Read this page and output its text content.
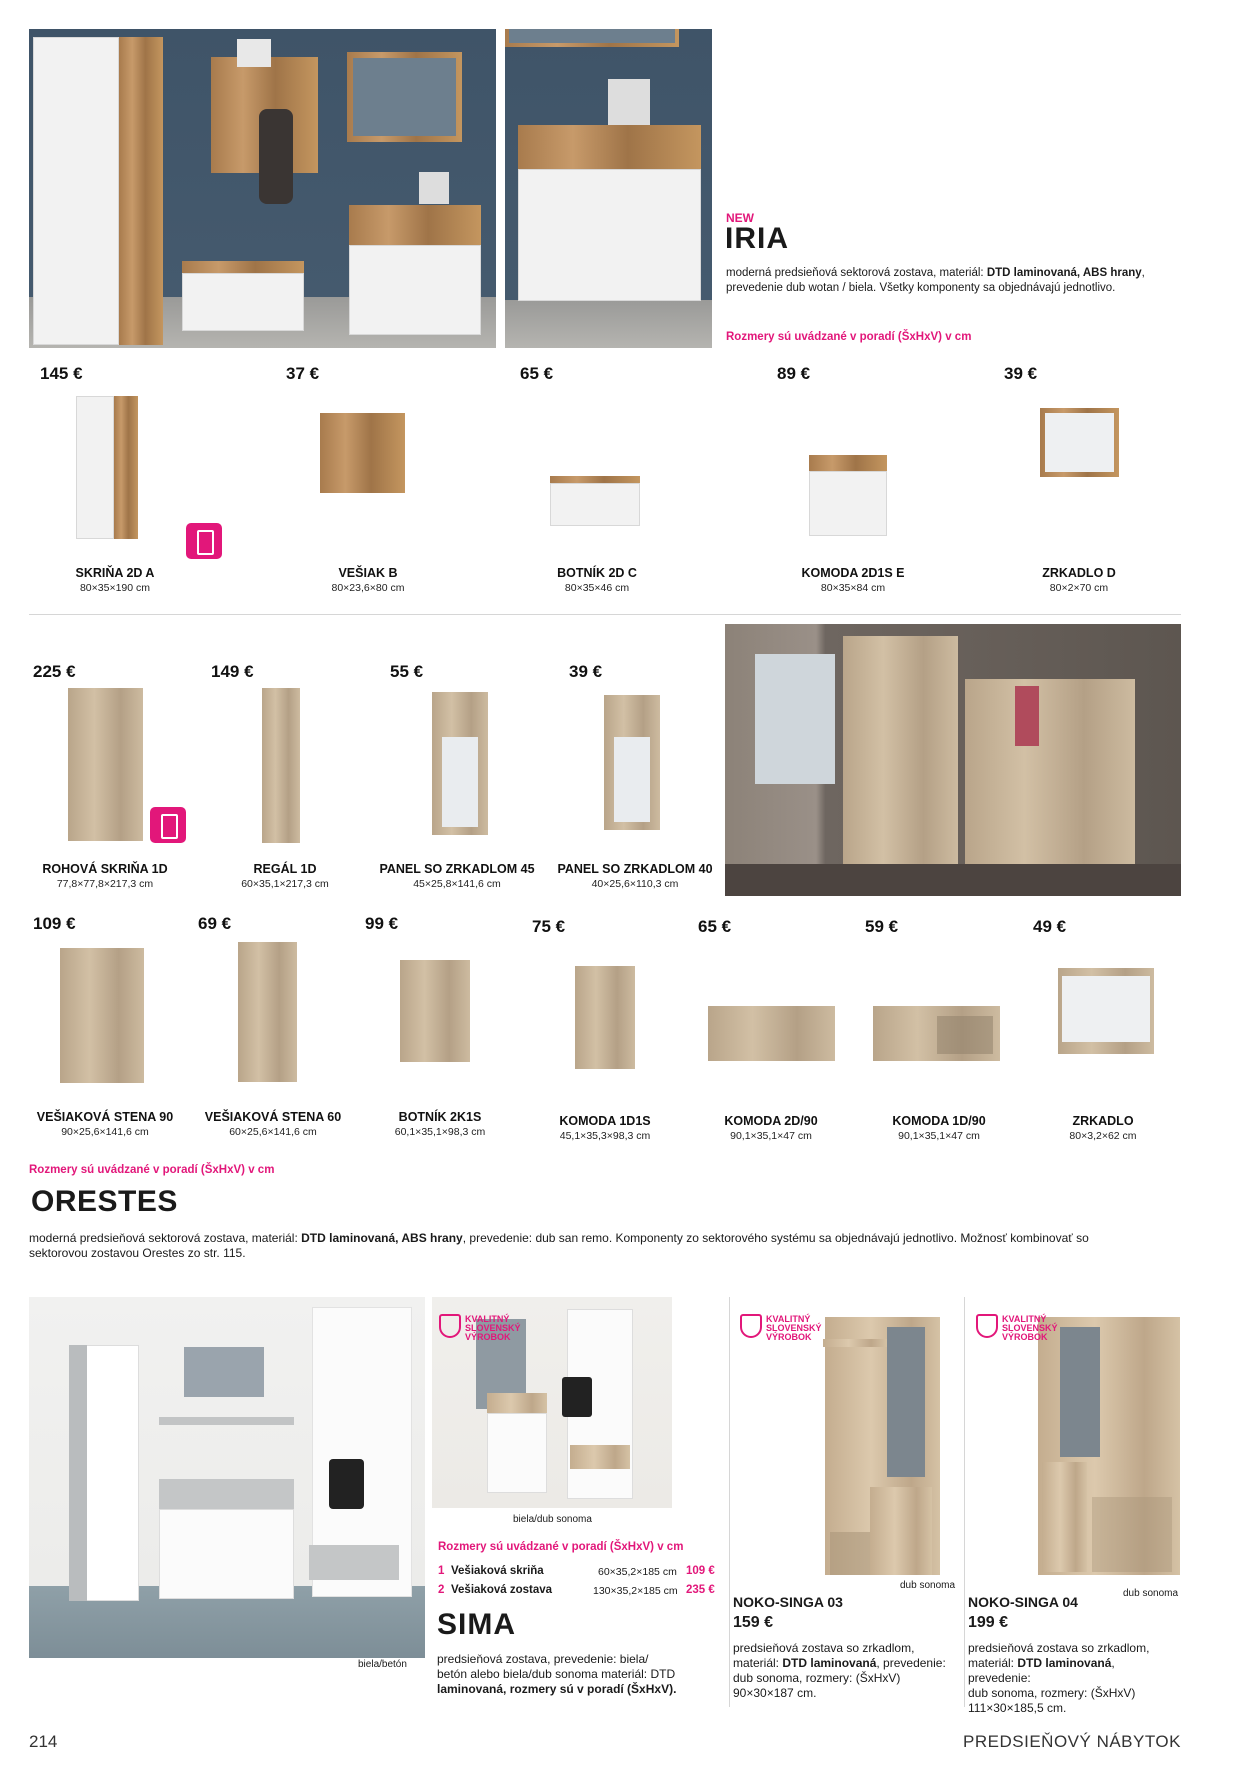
NEW
IRIA
moderná predsieňová sektorová zostava, materiál: DTD laminovaná, ABS hrany,
prevedenie dub wotan / biela. Všetky komponenty sa objednávajú jednotlivo.
Rozmery sú uvádzané v poradí (ŠxHxV) v cm
145 €	37 €	65 €	89 €	39 €
SKRIŇA 2D A
80×35×190 cm
VEŠIAK B
80×23,6×80 cm
BOTNÍK 2D C
80×35×46 cm
KOMODA 2D1S E
80×35×84 cm
ZRKADLO D
80×2×70 cm
225 €	149 €	55 €	39 €
ROHOVÁ SKRIŇA 1D
77,8×77,8×217,3 cm
REGÁL 1D
60×35,1×217,3 cm
PANEL SO ZRKADLOM 45
45×25,8×141,6 cm
PANEL SO ZRKADLOM 40
40×25,6×110,3 cm
109 €	69 €	99 €	75 €	65 €	59 €	49 €
VEŠIAKOVÁ STENA 90
90×25,6×141,6 cm
VEŠIAKOVÁ STENA 60
60×25,6×141,6 cm
BOTNÍK 2K1S
60,1×35,1×98,3 cm
KOMODA 1D1S
45,1×35,3×98,3 cm
KOMODA 2D/90
90,1×35,1×47 cm
KOMODA 1D/90
90,1×35,1×47 cm
ZRKADLO
80×3,2×62 cm
Rozmery sú uvádzané v poradí (ŠxHxV) v cm
ORESTES
moderná predsieňová sektorová zostava, materiál: DTD laminovaná, ABS hrany, prevedenie: dub san remo. Komponenty zo sektorového systému sa objednávajú jednotlivo. Možnosť kombinovať so
sektorovou zostavou Orestes zo str. 115.
biela/betón
biela/dub sonoma
KVALITNÝ
SLOVENSKÝ
VÝROBOK
Rozmery sú uvádzané v poradí (ŠxHxV) v cm
1 Vešiaková skriňa	60×35,2×185 cm 109 €
2 Vešiaková zostava	130×35,2×185 cm 235 €
SIMA
predsieňová zostava, prevedenie: biela/
betón alebo biela/dub sonoma materiál: DTD
laminovaná, rozmery sú v poradí (ŠxHxV).
KVALITNÝ
SLOVENSKÝ
VÝROBOK
dub sonoma
NOKO-SINGA 03
159 €
predsieňová zostava so zrkadlom,
materiál: DTD laminovaná, prevedenie:
dub sonoma, rozmery: (ŠxHxV)
90×30×187 cm.
KVALITNÝ
SLOVENSKÝ
VÝROBOK
dub sonoma
NOKO-SINGA 04
199 €
predsieňová zostava so zrkadlom,
materiál: DTD laminovaná, prevedenie:
dub sonoma, rozmery: (ŠxHxV)
111×30×185,5 cm.
214	PREDSIEŇOVÝ NÁBYTOK
